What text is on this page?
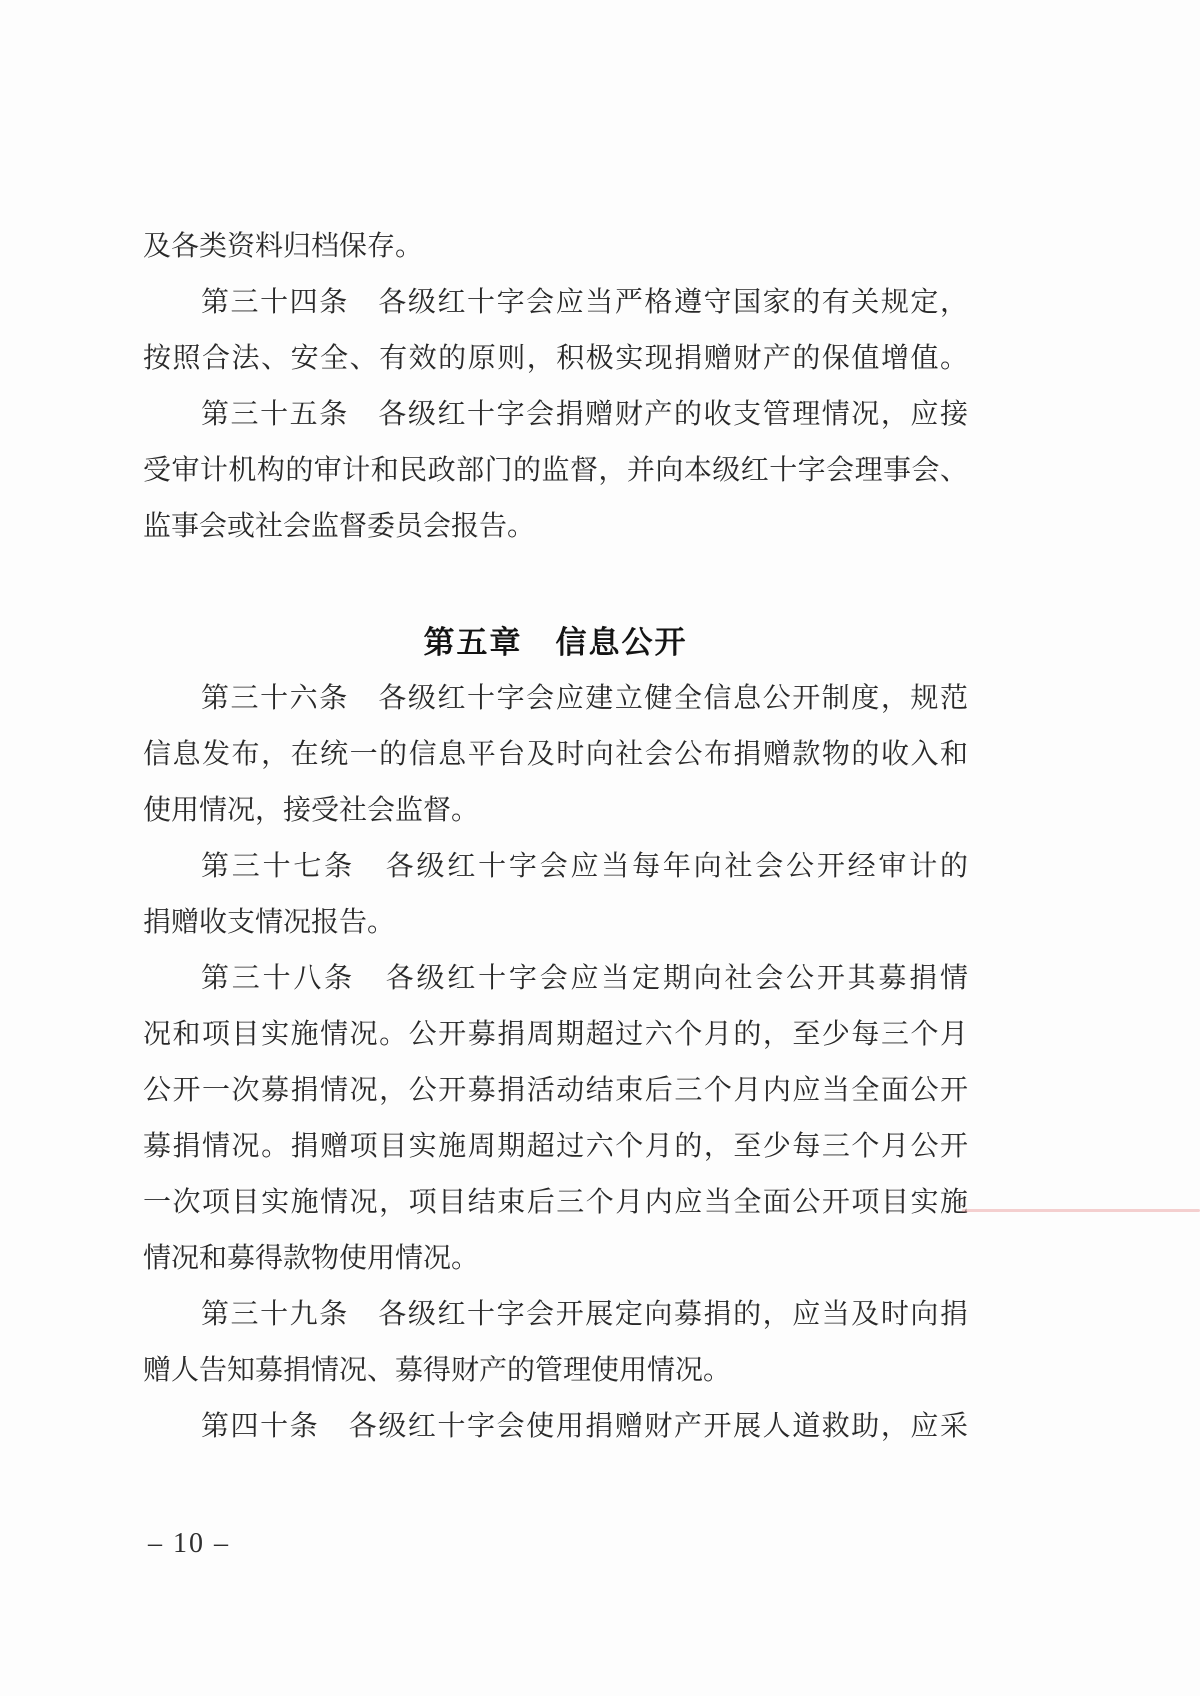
及各类资料归档保存。
第三十四条　各级红十字会应当严格遵守国家的有关规定，
按照合法、安全、有效的原则，积极实现捐赠财产的保值增值。
第三十五条　各级红十字会捐赠财产的收支管理情况，应接
受审计机构的审计和民政部门的监督，并向本级红十字会理事会、
监事会或社会监督委员会报告。
第五章　信息公开
第三十六条　各级红十字会应建立健全信息公开制度，规范
信息发布，在统一的信息平台及时向社会公布捐赠款物的收入和
使用情况，接受社会监督。
第三十七条　各级红十字会应当每年向社会公开经审计的
捐赠收支情况报告。
第三十八条　各级红十字会应当定期向社会公开其募捐情
况和项目实施情况。公开募捐周期超过六个月的，至少每三个月
公开一次募捐情况，公开募捐活动结束后三个月内应当全面公开
募捐情况。捐赠项目实施周期超过六个月的，至少每三个月公开
一次项目实施情况，项目结束后三个月内应当全面公开项目实施
情况和募得款物使用情况。
第三十九条　各级红十字会开展定向募捐的，应当及时向捐
赠人告知募捐情况、募得财产的管理使用情况。
第四十条　各级红十字会使用捐赠财产开展人道救助，应采
– 10 –
